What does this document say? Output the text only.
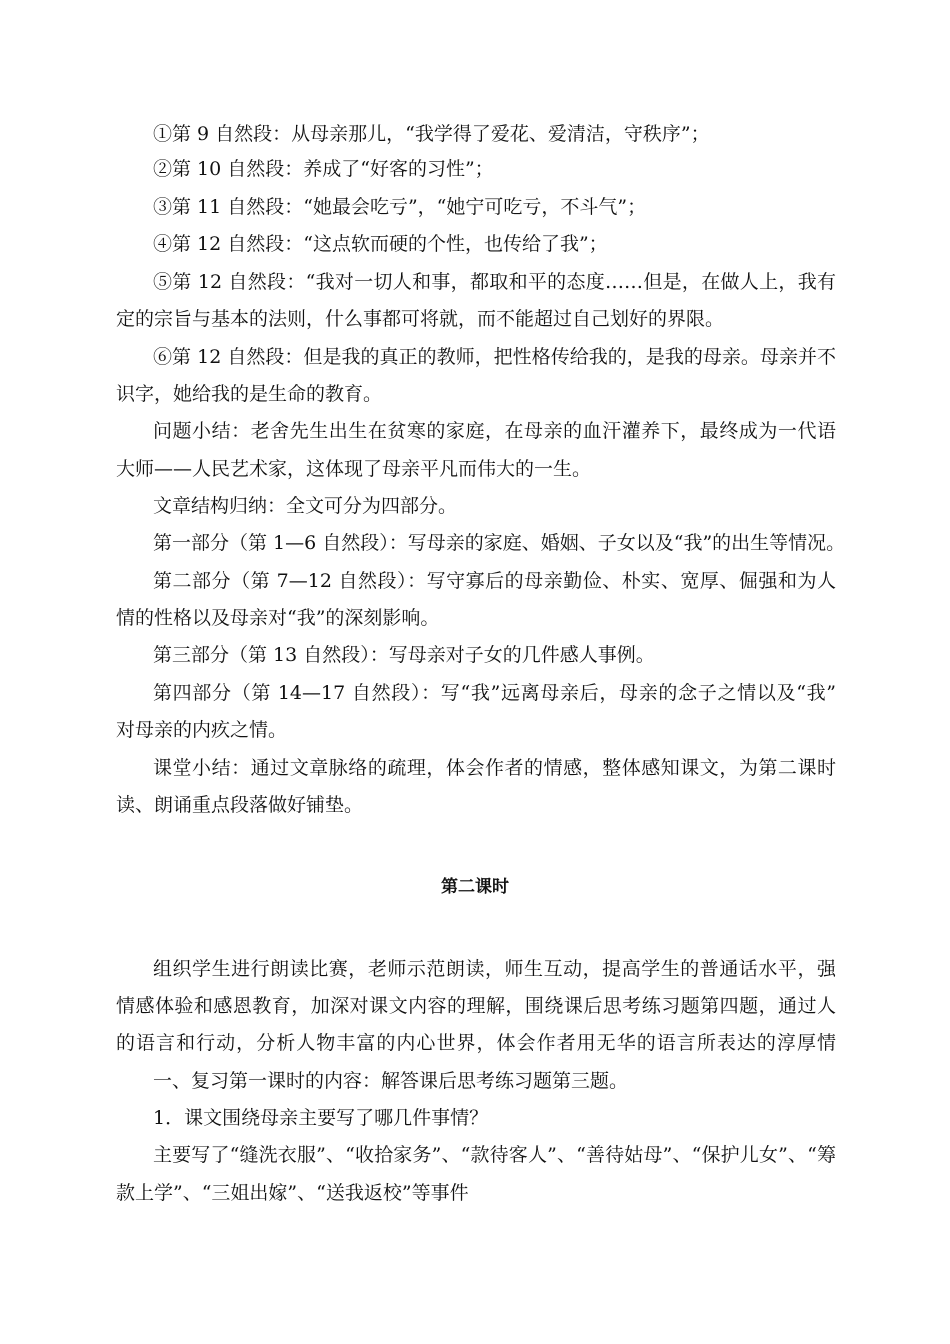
①第 9 自然段：从母亲那儿，“我学得了爱花、爱清洁，守秩序”；
②第 10 自然段：养成了“好客的习性”；
③第 11 自然段：“她最会吃亏”，“她宁可吃亏，不斗气”；
④第 12 自然段：“这点软而硬的个性，也传给了我”；
⑤第 12 自然段：“我对一切人和事，都取和平的态度……但是，在做人上，我有
定的宗旨与基本的法则，什么事都可将就，而不能超过自己划好的界限。
⑥第 12 自然段：但是我的真正的教师，把性格传给我的，是我的母亲。母亲并不
识字，她给我的是生命的教育。
问题小结：老舍先生出生在贫寒的家庭，在母亲的血汗灌养下，最终成为一代语
大师——人民艺术家，这体现了母亲平凡而伟大的一生。
文章结构归纳：全文可分为四部分。
第一部分（第 1—6 自然段）：写母亲的家庭、婚姻、子女以及“我”的出生等情况。
第二部分（第 7—12 自然段）：写守寡后的母亲勤俭、朴实、宽厚、倔强和为人
情的性格以及母亲对“我”的深刻影响。
第三部分（第 13 自然段）：写母亲对子女的几件感人事例。
第四部分（第 14—17 自然段）：写“我”远离母亲后，母亲的念子之情以及“我”
对母亲的内疚之情。
课堂小结：通过文章脉络的疏理，体会作者的情感，整体感知课文，为第二课时
读、朗诵重点段落做好铺垫。
第二课时
组织学生进行朗读比赛，老师示范朗读，师生互动，提高学生的普通话水平，强
情感体验和感恩教育，加深对课文内容的理解，围绕课后思考练习题第四题，通过人
的语言和行动，分析人物丰富的内心世界，体会作者用无华的语言所表达的淳厚情
一、复习第一课时的内容：解答课后思考练习题第三题。
1．课文围绕母亲主要写了哪几件事情？
主要写了“缝洗衣服”、“收拾家务”、“款待客人”、“善待姑母”、“保护儿女”、“筹
款上学”、“三姐出嫁”、“送我返校”等事件
